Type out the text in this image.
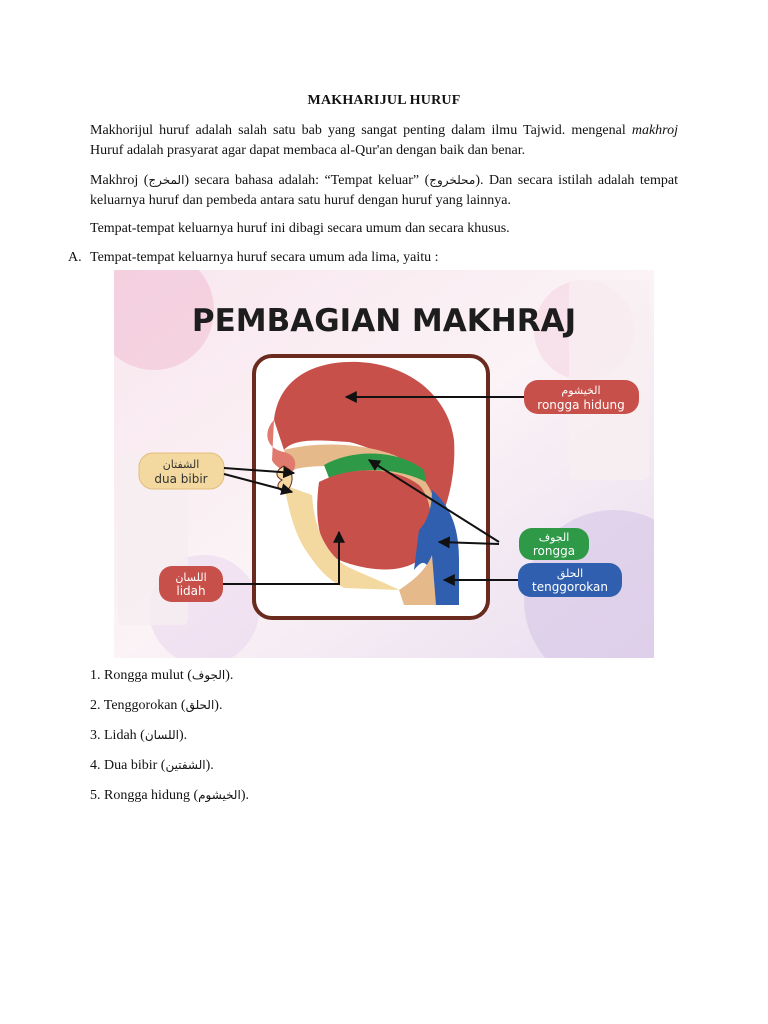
MAKHARIJUL HURUF
Makhorijul huruf adalah salah satu bab yang sangat penting dalam ilmu Tajwid. mengenal makhroj Huruf adalah prasyarat agar dapat membaca al-Qur'an dengan baik dan benar.
Makhroj (المخرج) secara bahasa adalah: “Tempat keluar” (محلخروج). Dan secara istilah adalah tempat keluarnya huruf dan pembeda antara satu huruf dengan huruf yang lainnya.
Tempat-tempat keluarnya huruf ini dibagi secara umum dan secara khusus.
A. Tempat-tempat keluarnya huruf secara umum ada lima, yaitu :
PEMBAGIAN MAKHRAJ
الخيشوم
rongga hidung
الشفتان
dua bibir
الجوف
rongga
الحلق
tenggorokan
اللسان
lidah
1. Rongga mulut (الجوف).
2. Tenggorokan (الحلق).
3. Lidah (اللسان).
4. Dua bibir (الشفتين).
5. Rongga hidung (الخيشوم).
